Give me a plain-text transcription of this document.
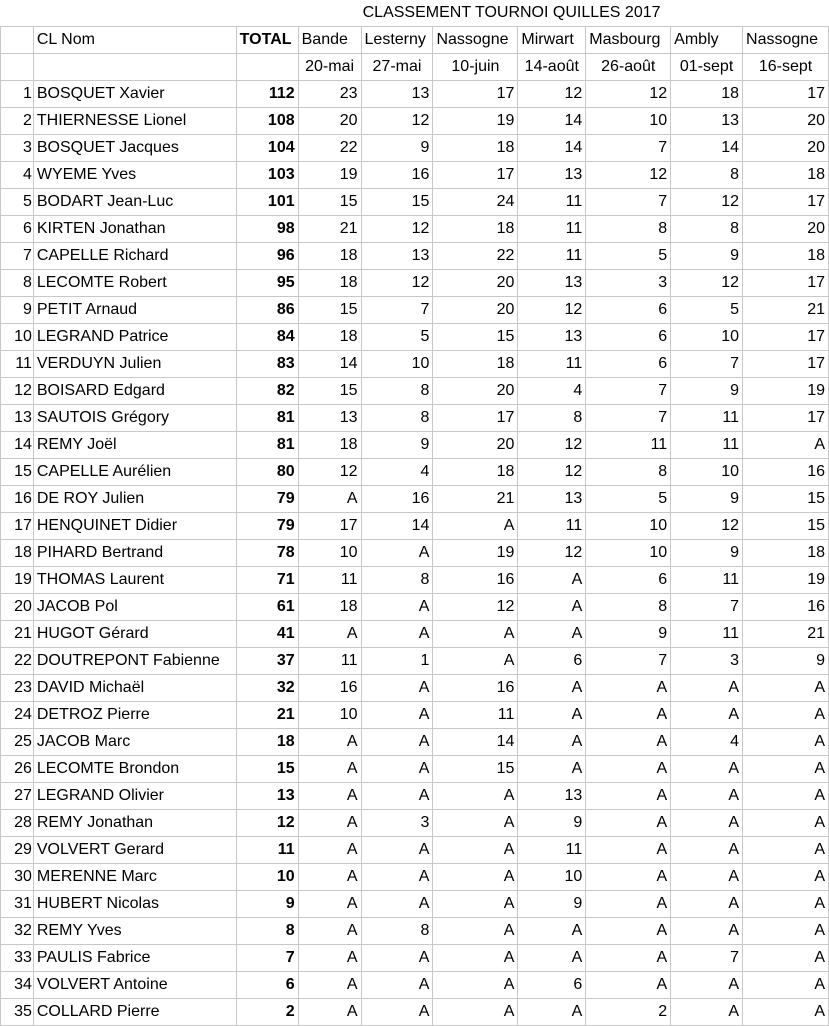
			CLASSEMENT TOURNOI QUILLES 2017						
	CL Nom	TOTAL	Bande	Lesterny	Nassogne	Mirwart	Masbourg	Ambly	Nassogne
			20-mai	27-mai	10-juin	14-août	26-août	01-sept	16-sept
1	BOSQUET Xavier	112	23	13	17	12	12	18	17
2	THIERNESSE Lionel	108	20	12	19	14	10	13	20
3	BOSQUET Jacques	104	22	9	18	14	7	14	20
4	WYEME Yves	103	19	16	17	13	12	8	18
5	BODART Jean-Luc	101	15	15	24	11	7	12	17
6	KIRTEN Jonathan	98	21	12	18	11	8	8	20
7	CAPELLE Richard	96	18	13	22	11	5	9	18
8	LECOMTE Robert	95	18	12	20	13	3	12	17
9	PETIT Arnaud	86	15	7	20	12	6	5	21
10	LEGRAND Patrice	84	18	5	15	13	6	10	17
11	VERDUYN Julien	83	14	10	18	11	6	7	17
12	BOISARD Edgard	82	15	8	20	4	7	9	19
13	SAUTOIS Grégory	81	13	8	17	8	7	11	17
14	REMY Joël	81	18	9	20	12	11	11	A
15	CAPELLE Aurélien	80	12	4	18	12	8	10	16
16	DE ROY Julien	79	A	16	21	13	5	9	15
17	HENQUINET Didier	79	17	14	A	11	10	12	15
18	PIHARD Bertrand	78	10	A	19	12	10	9	18
19	THOMAS Laurent	71	11	8	16	A	6	11	19
20	JACOB Pol	61	18	A	12	A	8	7	16
21	HUGOT Gérard	41	A	A	A	A	9	11	21
22	DOUTREPONT Fabienne	37	11	1	A	6	7	3	9
23	DAVID Michaël	32	16	A	16	A	A	A	A
24	DETROZ Pierre	21	10	A	11	A	A	A	A
25	JACOB Marc	18	A	A	14	A	A	4	A
26	LECOMTE Brondon	15	A	A	15	A	A	A	A
27	LEGRAND Olivier	13	A	A	A	13	A	A	A
28	REMY Jonathan	12	A	3	A	9	A	A	A
29	VOLVERT Gerard	11	A	A	A	11	A	A	A
30	MERENNE Marc	10	A	A	A	10	A	A	A
31	HUBERT Nicolas	9	A	A	A	9	A	A	A
32	REMY Yves	8	A	8	A	A	A	A	A
33	PAULIS Fabrice	7	A	A	A	A	A	7	A
34	VOLVERT Antoine	6	A	A	A	6	A	A	A
35	COLLARD Pierre	2	A	A	A	A	2	A	A
